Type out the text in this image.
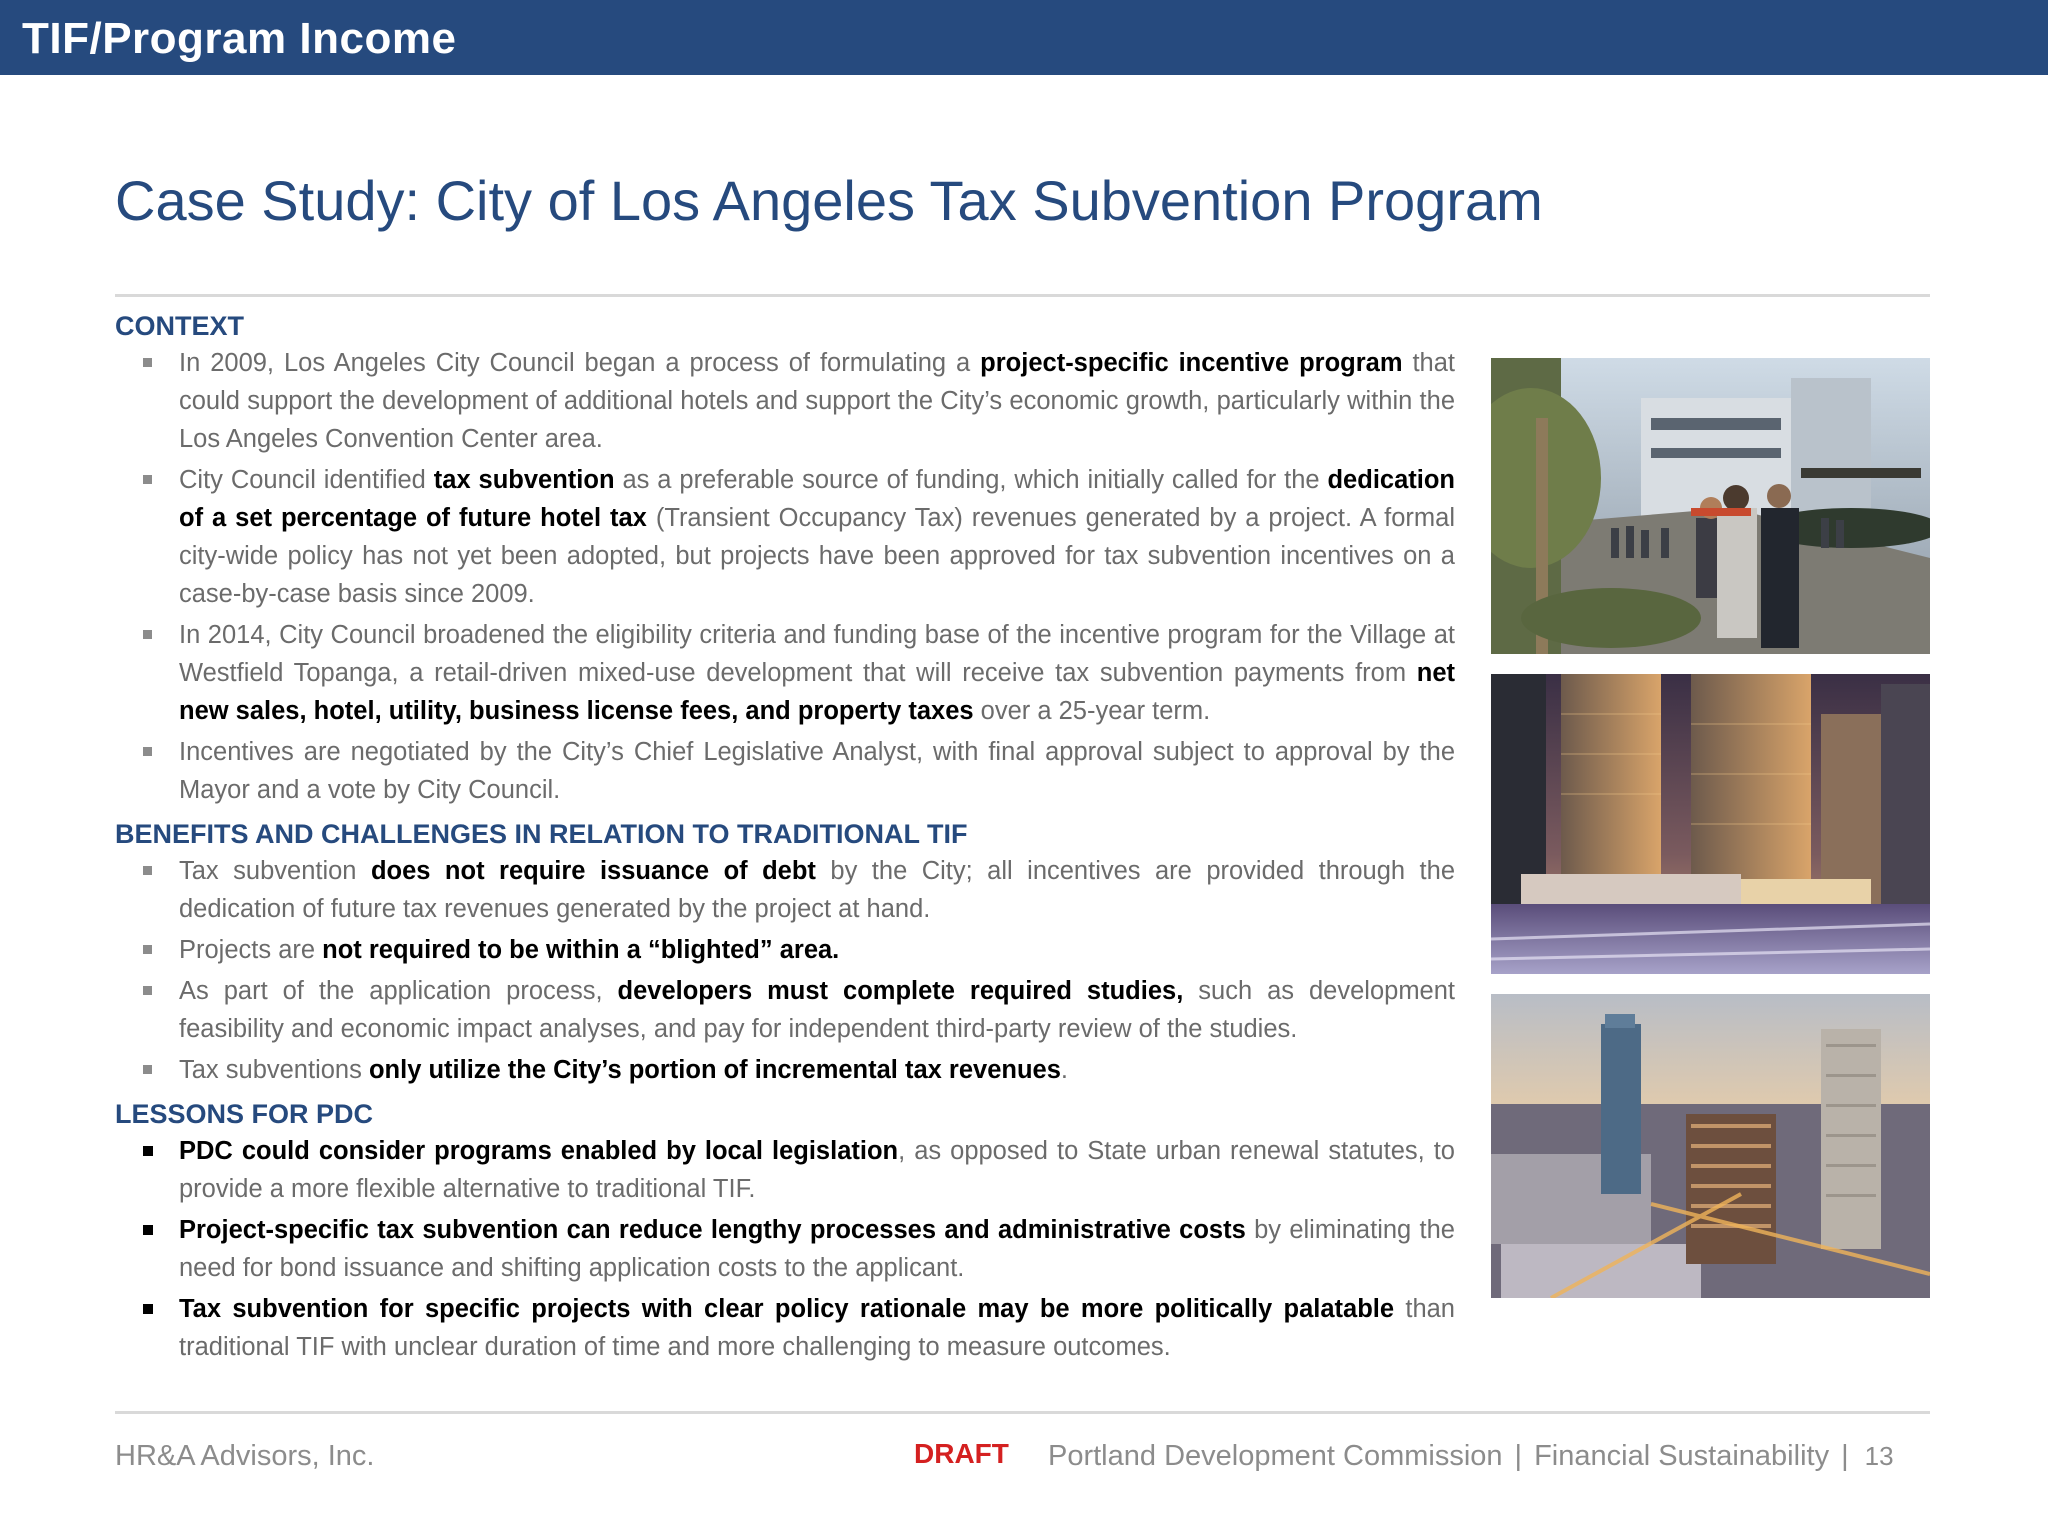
TIF/Program Income
Case Study: City of Los Angeles Tax Subvention Program
CONTEXT
In 2009, Los Angeles City Council began a process of formulating a project-specific incentive program that could support the development of additional hotels and support the City’s economic growth, particularly within the Los Angeles Convention Center area.
City Council identified tax subvention as a preferable source of funding, which initially called for the dedication of a set percentage of future hotel tax (Transient Occupancy Tax) revenues generated by a project. A formal city-wide policy has not yet been adopted, but projects have been approved for tax subvention incentives on a case-by-case basis since 2009.
In 2014, City Council broadened the eligibility criteria and funding base of the incentive program for the Village at Westfield Topanga, a retail-driven mixed-use development that will receive tax subvention payments from net new sales, hotel, utility, business license fees, and property taxes over a 25-year term.
Incentives are negotiated by the City’s Chief Legislative Analyst, with final approval subject to approval by the Mayor and a vote by City Council.
BENEFITS AND CHALLENGES IN RELATION TO TRADITIONAL TIF
Tax subvention does not require issuance of debt by the City; all incentives are provided through the dedication of future tax revenues generated by the project at hand.
Projects are not required to be within a “blighted” area.
As part of the application process, developers must complete required studies, such as development feasibility and economic impact analyses, and pay for independent third-party review of the studies.
Tax subventions only utilize the City’s portion of incremental tax revenues.
LESSONS FOR PDC
PDC could consider programs enabled by local legislation, as opposed to State urban renewal statutes, to provide a more flexible alternative to traditional TIF.
Project-specific tax subvention can reduce lengthy processes and administrative costs by eliminating the need for bond issuance and shifting application costs to the applicant.
Tax subvention for specific projects with clear policy rationale may be more politically palatable than traditional TIF with unclear duration of time and more challenging to measure outcomes.
HR&A Advisors, Inc.	DRAFT Portland Development Commission | Financial Sustainability | 13
